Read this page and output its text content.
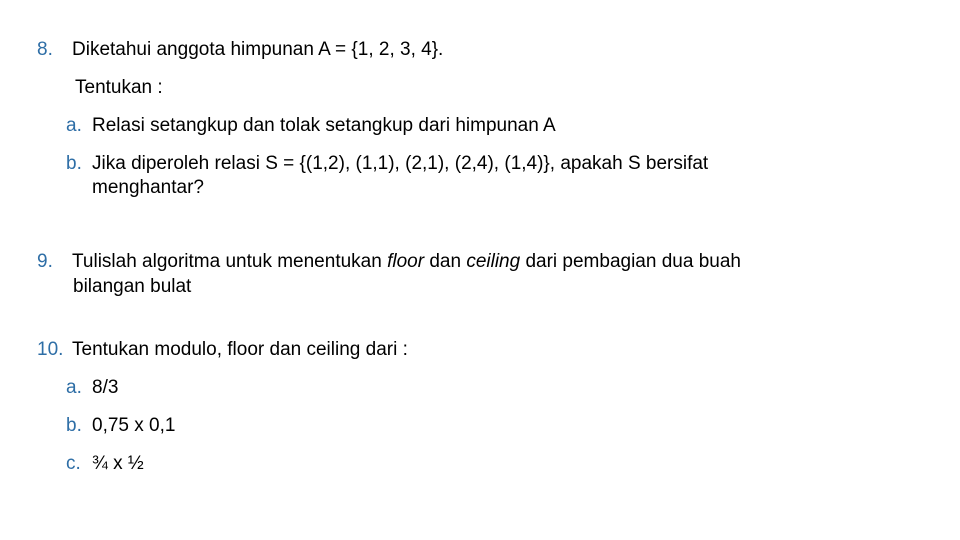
8. Diketahui anggota himpunan A = {1, 2, 3, 4}.
Tentukan :
a. Relasi setangkup dan tolak setangkup dari himpunan A
b. Jika diperoleh relasi S = {(1,2), (1,1), (2,1), (2,4), (1,4)}, apakah S bersifat
menghantar?
9. Tulislah algoritma untuk menentukan floor dan ceiling dari pembagian dua buah
bilangan bulat
10. Tentukan modulo, floor dan ceiling dari :
a. 8/3
b. 0,75 x 0,1
c. ¾ x ½
